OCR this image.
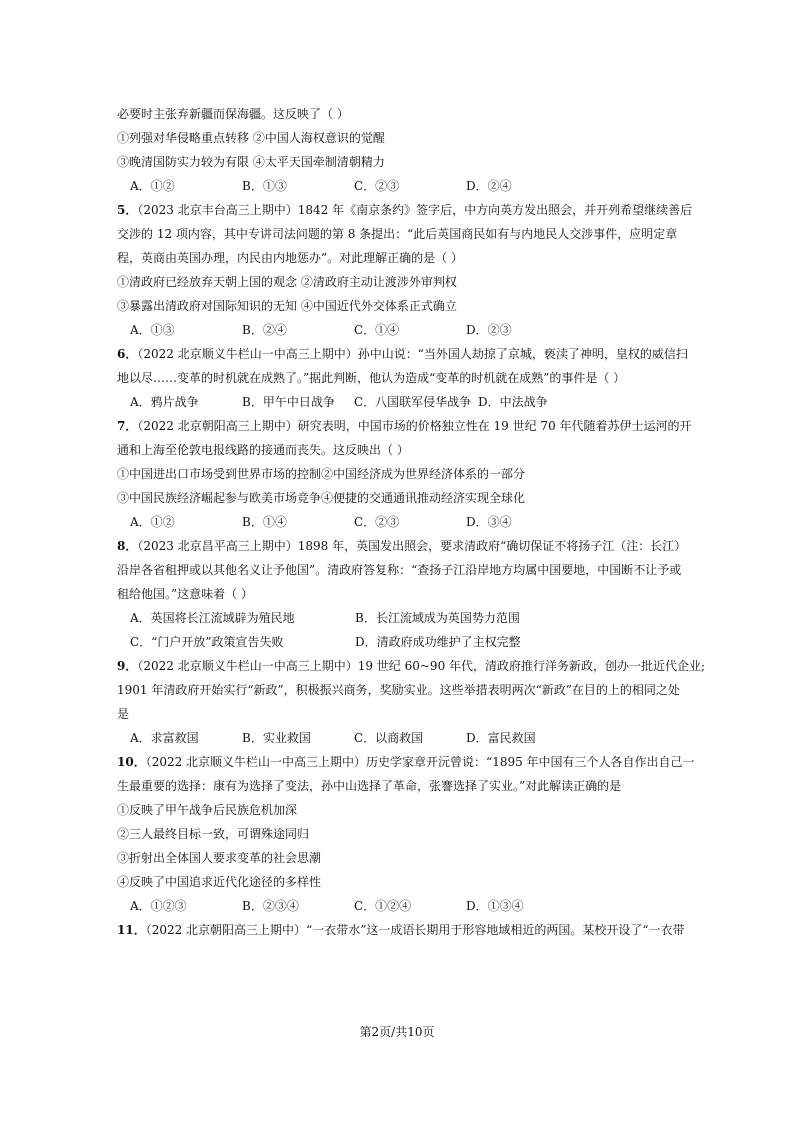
必要时主张弃新疆而保海疆。这反映了（ ）
①列强对华侵略重点转移 ②中国人海权意识的觉醒
③晚清国防实力较为有限 ④太平天国牵制清朝精力
A．①②	B．①③	C．②③	D．②④
5．（2023 北京丰台高三上期中）1842 年《南京条约》签字后，中方向英方发出照会，并开列希望继续善后
交涉的 12 项内容，其中专讲司法问题的第 8 条提出：“此后英国商民如有与内地民人交涉事件，应明定章
程，英商由英国办理，内民由内地惩办”。对此理解正确的是（ ）
①清政府已经放弃天朝上国的观念 ②清政府主动让渡涉外审判权
③暴露出清政府对国际知识的无知 ④中国近代外交体系正式确立
A．①③	B．②④	C．①④	D．②③
6．（2022 北京顺义牛栏山一中高三上期中）孙中山说：“当外国人劫掠了京城，亵渎了神明，皇权的威信扫
地以尽……变革的时机就在成熟了。”据此判断，他认为造成“变革的时机就在成熟”的事件是（ ）
A．鸦片战争	B．甲午中日战争	C．八国联军侵华战争 D．中法战争
7．（2022 北京朝阳高三上期中）研究表明，中国市场的价格独立性在 19 世纪 70 年代随着苏伊士运河的开
通和上海至伦敦电报线路的接通而丧失。这反映出（ ）
①中国进出口市场受到世界市场的控制②中国经济成为世界经济体系的一部分
③中国民族经济崛起参与欧美市场竞争④便捷的交通通讯推动经济实现全球化
A．①②	B．①④	C．②③	D．③④
8．（2023 北京昌平高三上期中）1898 年，英国发出照会，要求清政府“确切保证不将扬子江（注：长江）
沿岸各省租押或以其他名义让予他国”。清政府答复称：“查扬子江沿岸地方均属中国要地，中国断不让予或
租给他国。”这意味着（ ）
A．英国将长江流域辟为殖民地	B．长江流域成为英国势力范围
C．“门户开放”政策宣告失败	D．清政府成功维护了主权完整
9．（2022 北京顺义牛栏山一中高三上期中）19 世纪 60~90 年代，清政府推行洋务新政，创办一批近代企业;
1901 年清政府开始实行“新政”，积极振兴商务，奖励实业。这些举措表明两次“新政”在目的上的相同之处
是
A．求富救国	B．实业救国	C．以商救国	D．富民救国
10．（2022 北京顺义牛栏山一中高三上期中）历史学家章开沅曾说：“1895 年中国有三个人各自作出自己一
生最重要的选择：康有为选择了变法，孙中山选择了革命，张謇选择了实业。”对此解读正确的是
①反映了甲午战争后民族危机加深
②三人最终目标一致，可谓殊途同归
③折射出全体国人要求变革的社会思潮
④反映了中国追求近代化途径的多样性
A．①②③	B．②③④	C．①②④	D．①③④
11．（2022 北京朝阳高三上期中）“一衣带水”这一成语长期用于形容地域相近的两国。某校开设了“一衣带
第2页/共10页
